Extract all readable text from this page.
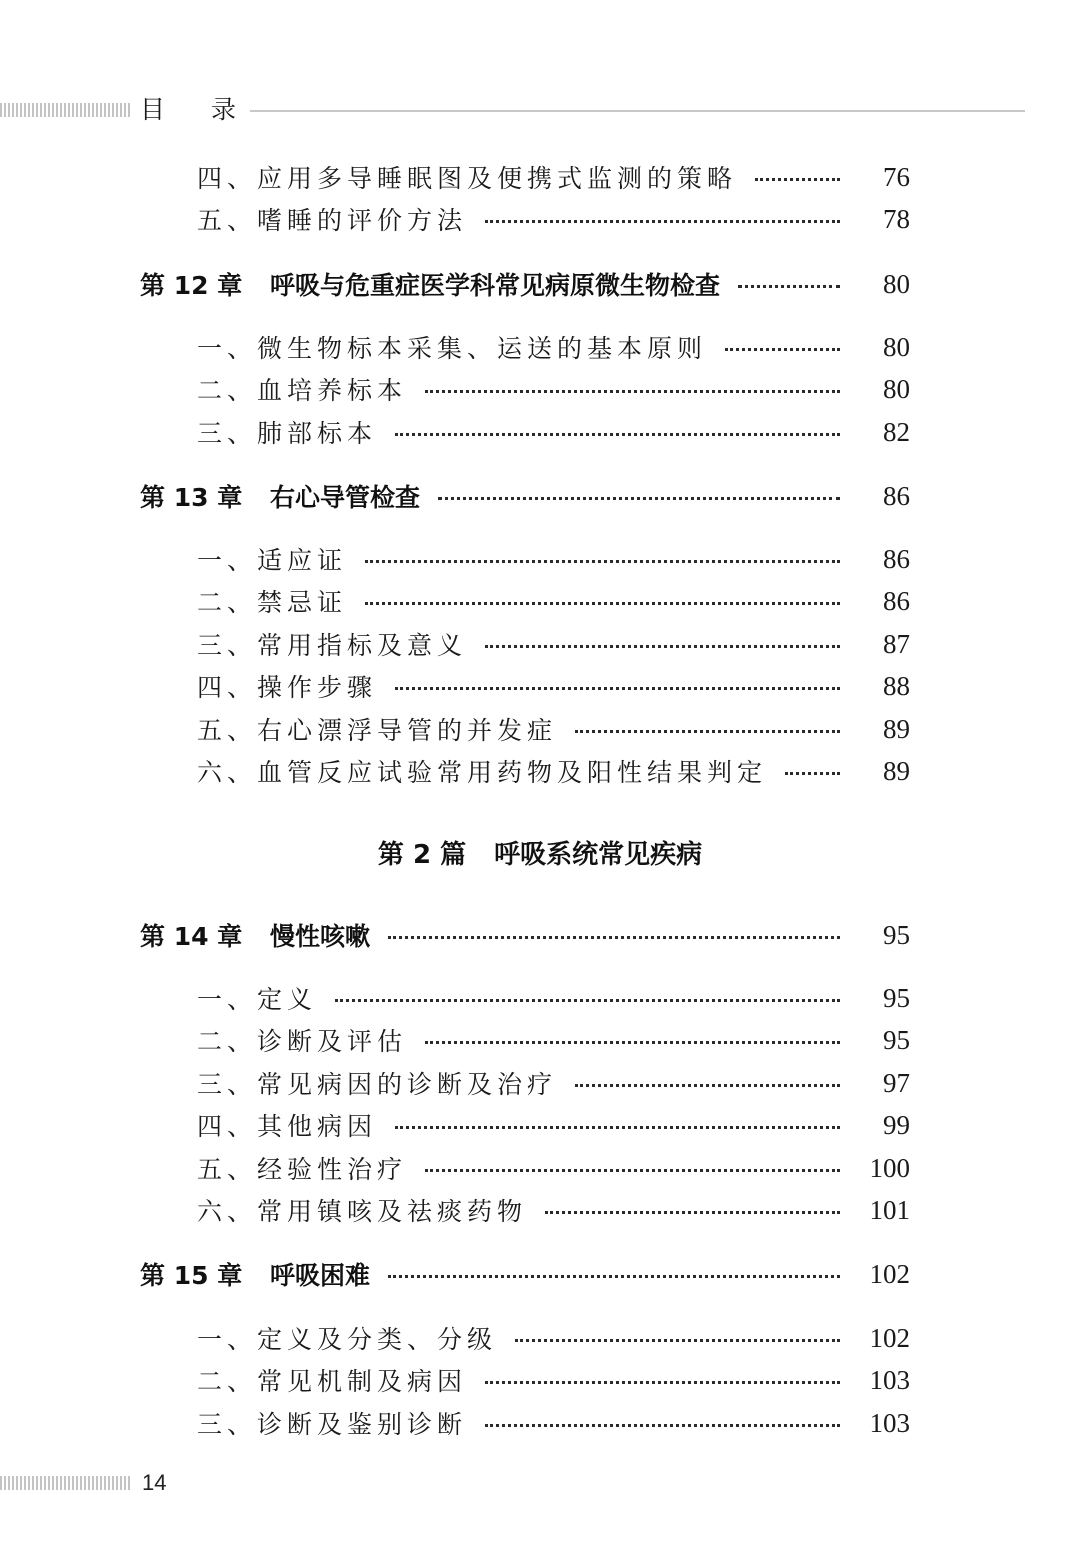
目录
第 2 篇 呼吸系统常见疾病
四、应用多导睡眠图及便携式监测的策略	76
五、嗜睡的评价方法	78
第 12 章 呼吸与危重症医学科常见病原微生物检查	80
一、微生物标本采集、运送的基本原则	80
二、血培养标本	80
三、肺部标本	82
第 13 章 右心导管检查	86
一、适应证	86
二、禁忌证	86
三、常用指标及意义	87
四、操作步骤	88
五、右心漂浮导管的并发症	89
六、血管反应试验常用药物及阳性结果判定	89
第 14 章 慢性咳嗽	95
一、定义	95
二、诊断及评估	95
三、常见病因的诊断及治疗	97
四、其他病因	99
五、经验性治疗	100
六、常用镇咳及祛痰药物	101
第 15 章 呼吸困难	102
一、定义及分类、分级	102
二、常见机制及病因	103
三、诊断及鉴别诊断	103
14
